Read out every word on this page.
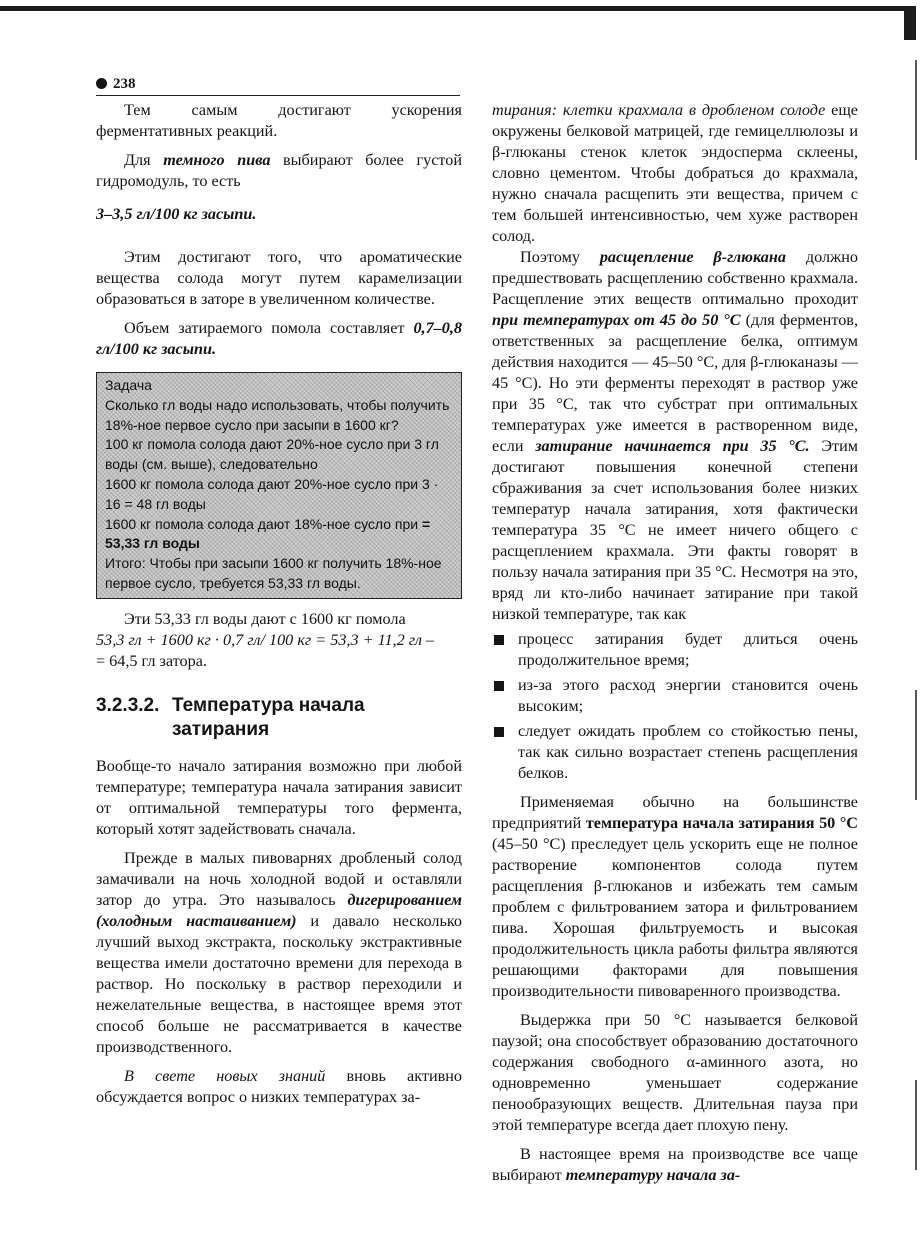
238

Тем самым достигают ускорения ферментативных реакций.

Для темного пива выбирают более густой гидромодуль, то есть

3–3,5 гл/100 кг засыпи.

Этим достигают того, что ароматические вещества солода могут путем карамелизации образоваться в заторе в увеличенном количестве.

Объем затираемого помола составляет 0,7–0,8 гл/100 кг засыпи.

Задача

Сколько гл воды надо использовать, чтобы получить 18%-ное первое сусло при засыпи в 1600 кг?

100 кг помола солода дают 20%-ное сусло при 3 гл воды (см. выше), следовательно

1600 кг помола солода дают 20%-ное сусло при 3 · 16 = 48 гл воды

1600 кг помола солода дают 18%-ное сусло при = 53,33 гл воды

Итого: Чтобы при засыпи 1600 кг получить 18%-ное первое сусло, требуется 53,33 гл воды.

Эти 53,33 гл воды дают с 1600 кг помола

53,3 гл + 1600 кг · 0,7 гл/ 100 кг = 53,3 + 11,2 гл –

= 64,5 гл затора.

3.2.3.2. Температура начала
затирания

Вообще-то начало затирания возможно при любой температуре; температура начала затирания зависит от оптимальной температуры того фермента, который хотят задействовать сначала.

Прежде в малых пивоварнях дробленый солод замачивали на ночь холодной водой и оставляли затор до утра. Это называлось дигерированием (холодным настаиванием) и давало несколько лучший выход экстракта, поскольку экстрактивные вещества имели достаточно времени для перехода в раствор. Но поскольку в раствор переходили и нежелательные вещества, в настоящее время этот способ больше не рассматривается в качестве производственного.

В свете новых знаний вновь активно обсуждается вопрос о низких температурах за-

тирания: клетки крахмала в дробленом солоде еще окружены белковой матрицей, где гемицеллюлозы и β-глюканы стенок клеток эндосперма склеены, словно цементом. Чтобы добраться до крахмала, нужно сначала расщепить эти вещества, причем с тем большей интенсивностью, чем хуже растворен солод.

Поэтому расщепление β-глюкана должно предшествовать расщеплению собственно крахмала. Расщепление этих веществ оптимально проходит при температурах от 45 до 50 °С (для ферментов, ответственных за расщепление белка, оптимум действия находится — 45–50 °С, для β-глюканазы — 45 °С). Но эти ферменты переходят в раствор уже при 35 °С, так что субстрат при оптимальных температурах уже имеется в растворенном виде, если затирание начинается при 35 °С. Этим достигают повышения конечной степени сбраживания за счет использования более низких температур начала затирания, хотя фактически температура 35 °С не имеет ничего общего с расщеплением крахмала. Эти факты говорят в пользу начала затирания при 35 °С. Несмотря на это, вряд ли кто-либо начинает затирание при такой низкой температуре, так как

процесс затирания будет длиться очень продолжительное время;
из-за этого расход энергии становится очень высоким;
следует ожидать проблем со стойкостью пены, так как сильно возрастает степень расщепления белков.

Применяемая обычно на большинстве предприятий температура начала затирания 50 °С (45–50 °С) преследует цель ускорить еще не полное растворение компонентов солода путем расщепления β-глюканов и избежать тем самым проблем с фильтрованием затора и фильтрованием пива. Хорошая фильтруемость и высокая продолжительность цикла работы фильтра являются решающими факторами для повышения производительности пивоваренного производства.

Выдержка при 50 °С называется белковой паузой; она способствует образованию достаточного содержания свободного α-аминного азота, но одновременно уменьшает содержание пенообразующих веществ. Длительная пауза при этой температуре всегда дает плохую пену.

В настоящее время на производстве все чаще выбирают температуру начала за-
